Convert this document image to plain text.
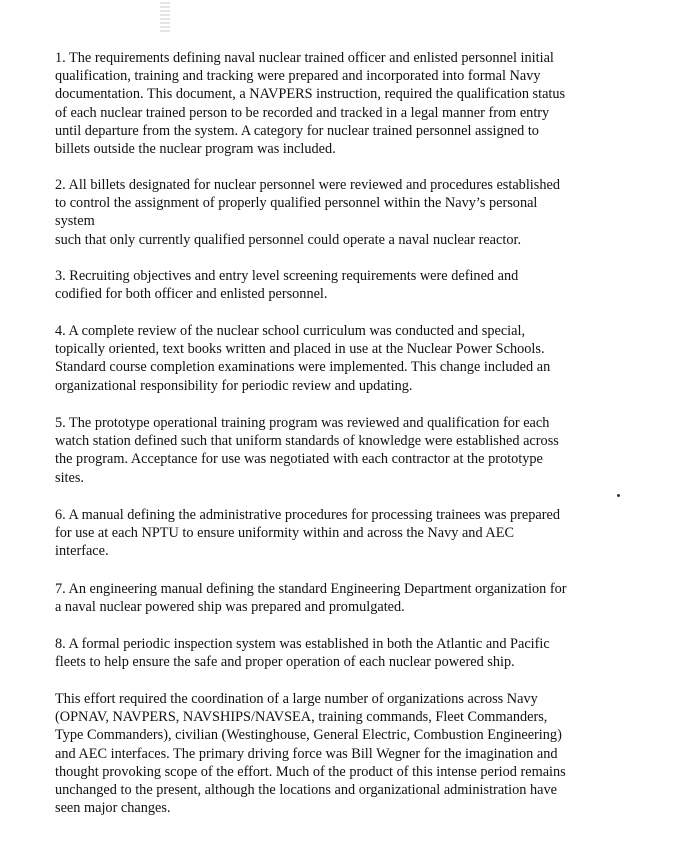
1. The requirements defining naval nuclear trained officer and enlisted personnel initial
qualification, training and tracking were prepared and incorporated into formal Navy
documentation. This document, a NAVPERS instruction, required the qualification status
of each nuclear trained person to be recorded and tracked in a legal manner from entry
until departure from the system. A category for nuclear trained personnel assigned to
billets outside the nuclear program was included.

2. All billets designated for nuclear personnel were reviewed and procedures established
to control the assignment of properly qualified personnel within the Navy’s personal
system
such that only currently qualified personnel could operate a naval nuclear reactor.

3. Recruiting objectives and entry level screening requirements were defined and
codified for both officer and enlisted personnel.

4. A complete review of the nuclear school curriculum was conducted and special,
topically oriented, text books written and placed in use at the Nuclear Power Schools.
Standard course completion examinations were implemented. This change included an
organizational responsibility for periodic review and updating.

5. The prototype operational training program was reviewed and qualification for each
watch station defined such that uniform standards of knowledge were established across
the program. Acceptance for use was negotiated with each contractor at the prototype
sites.

6. A manual defining the administrative procedures for processing trainees was prepared
for use at each NPTU to ensure uniformity within and across the Navy and AEC
interface.

7. An engineering manual defining the standard Engineering Department organization for
a naval nuclear powered ship was prepared and promulgated.

8. A formal periodic inspection system was established in both the Atlantic and Pacific
fleets to help ensure the safe and proper operation of each nuclear powered ship.

This effort required the coordination of a large number of organizations across Navy
(OPNAV, NAVPERS, NAVSHIPS/NAVSEA, training commands, Fleet Commanders,
Type Commanders), civilian (Westinghouse, General Electric, Combustion Engineering)
and AEC interfaces. The primary driving force was Bill Wegner for the imagination and
thought provoking scope of the effort. Much of the product of this intense period remains
unchanged to the present, although the locations and organizational administration have
seen major changes.
